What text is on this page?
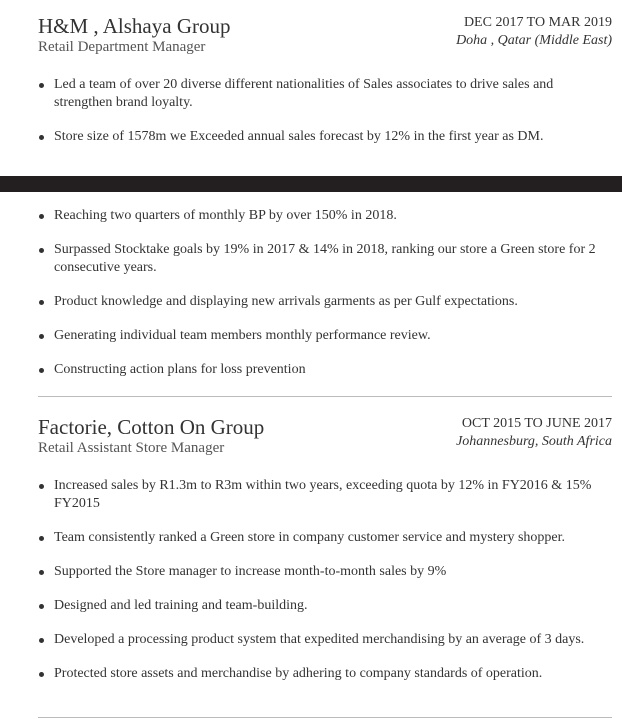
H&M , Alshaya Group
Retail Department Manager
DEC 2017 TO MAR 2019
Doha , Qatar (Middle East)
Led a team of over 20 diverse different nationalities of Sales associates to drive sales and strengthen brand loyalty.
Store size of 1578m we Exceeded annual sales forecast by 12% in the first year as DM.
Reaching two quarters of monthly BP by over 150% in 2018.
Surpassed Stocktake goals by 19% in 2017 & 14% in 2018, ranking our store a Green store for 2 consecutive years.
Product knowledge and displaying new arrivals garments as per Gulf expectations.
Generating individual team members monthly performance review.
Constructing action plans for loss prevention
Factorie, Cotton On Group
Retail Assistant Store Manager
OCT 2015 TO JUNE 2017
Johannesburg, South Africa
Increased sales by R1.3m to R3m within two years, exceeding quota by 12% in FY2016 & 15% FY2015
Team consistently ranked a Green store in company customer service and mystery shopper.
Supported the Store manager to increase month-to-month sales by 9%
Designed and led training and team-building.
Developed a processing product system that expedited merchandising by an average of 3 days.
Protected store assets and merchandise by adhering to company standards of operation.
